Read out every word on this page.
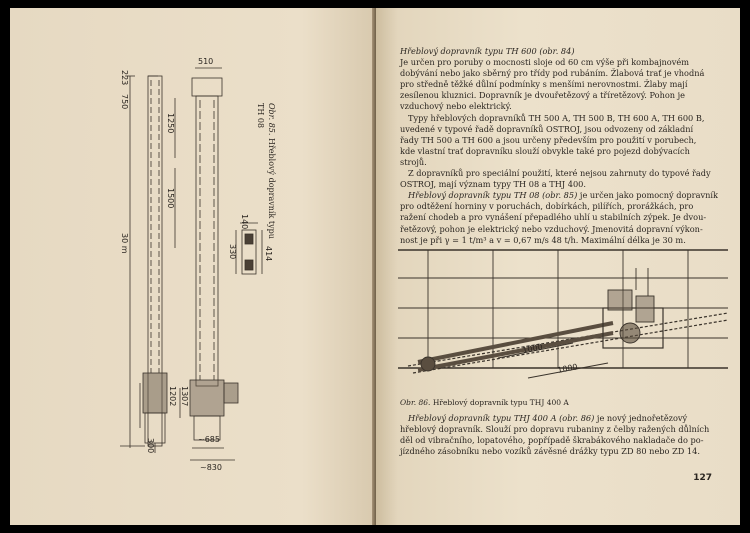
223
750
510
1250
1500
30 m
140
330	414
1202 1307
300	~685
~830
Obr. 85. Hřeblový dopravník typu TH 08
Hřeblový dopravník typu TH 600 (obr. 84)
Je určen pro poruby o mocnosti sloje od 60 cm výše při kombajnovém
dobývání nebo jako sběrný pro třídy pod rubáním. Žlabová trať je vhodná
pro středně těžké důlní podmínky s menšími nerovnostmi. Žlaby mají
zesílenou kluznici. Dopravník je dvouřetězový a tříretězový. Pohon je
vzduchový nebo elektrický.
Typy hřeblových dopravníků TH 500 A, TH 500 B, TH 600 A, TH 600 B,
uvedené v typové řadě dopravníků OSTROJ, jsou odvozeny od základní
řady TH 500 a TH 600 a jsou určeny především pro použití v porubech,
kde vlastní trať dopravníku slouží obvykle také pro pojezd dobývacích
strojů.
Z dopravníků pro speciální použití, které nejsou zahrnuty do typové řady
OSTROJ, mají význam typy TH 08 a THJ 400.
Hřeblový dopravník typu TH 08 (obr. 85) je určen jako pomocný dopravník
pro odtěžení horniny v poruchách, dobírkách, pilířích, prorážkách, pro
ražení chodeb a pro vynášení přepadlého uhlí u stabilních zýpek. Je dvou-
řetězový, pohon je elektrický nebo vzduchový. Jmenovitá dopravní výkon-
nost je při γ = 1 t/m³ a v = 0,67 m/s 48 t/h. Maximální délka je 30 m.
1000
1000
Obr. 86. Hřeblový dopravník typu THJ 400 A
Hřeblový dopravník typu THJ 400 A (obr. 86) je nový jednořetězový
hřeblový dopravník. Slouží pro dopravu rubaniny z čelby ražených důlních
děl od vibračního, lopatového, popřípadě škrabákového nakladače do po-
jízdného zásobníku nebo vozíků závěsné drážky typu ZD 80 nebo ZD 14.
127
